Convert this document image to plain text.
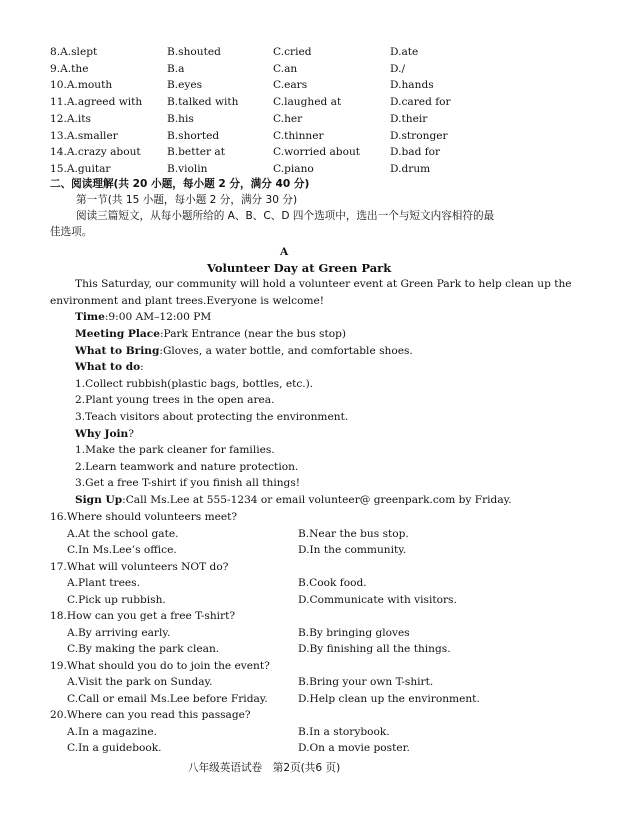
8.A.slept	B.shouted	C.cried	D.ate
9.A.the	B.a	C.an	D./
10.A.mouth	B.eyes	C.ears	D.hands
11.A.agreed with B.talked with	C.laughed at	D.cared for
12.A.its	B.his	C.her	D.their
13.A.smaller	B.shorted	C.thinner	D.stronger
14.A.crazy about B.better at	C.worried about	D.bad for
15.A.guitar	B.violin	C.piano	D.drum
二、阅读理解(共 20 小题，每小题 2 分，满分 40 分)
第一节(共 15 小题，每小题 2 分，满分 30 分)
阅读三篇短文，从每小题所给的 A、B、C、D 四个选项中，选出一个与短文内容相符的最
佳选项。
A
Volunteer Day at Green Park
This Saturday, our community will hold a volunteer event at Green Park to help clean up the
environment and plant trees.Everyone is welcome!
Time:9:00 AM–12:00 PM
Meeting Place:Park Entrance (near the bus stop)
What to Bring:Gloves, a water bottle, and comfortable shoes.
What to do:
1.Collect rubbish(plastic bags, bottles, etc.).
2.Plant young trees in the open area.
3.Teach visitors about protecting the environment.
Why Join?
1.Make the park cleaner for families.
2.Learn teamwork and nature protection.
3.Get a free T-shirt if you finish all things!
Sign Up:Call Ms.Lee at 555-1234 or email volunteer@ greenpark.com by Friday.
16.Where should volunteers meet?
A.At the school gate.	B.Near the bus stop.
C.In Ms.Lee’s office.	D.In the community.
17.What will volunteers NOT do?
A.Plant trees.	B.Cook food.
C.Pick up rubbish.	D.Communicate with visitors.
18.How can you get a free T-shirt?
A.By arriving early.	B.By bringing gloves
C.By making the park clean.	D.By finishing all the things.
19.What should you do to join the event?
A.Visit the park on Sunday.	B.Bring your own T-shirt.
C.Call or email Ms.Lee before Friday.	D.Help clean up the environment.
20.Where can you read this passage?
A.In a magazine.	B.In a storybook.
C.In a guidebook.	D.On a movie poster.
八年级英语试卷　第2页(共6 页)
